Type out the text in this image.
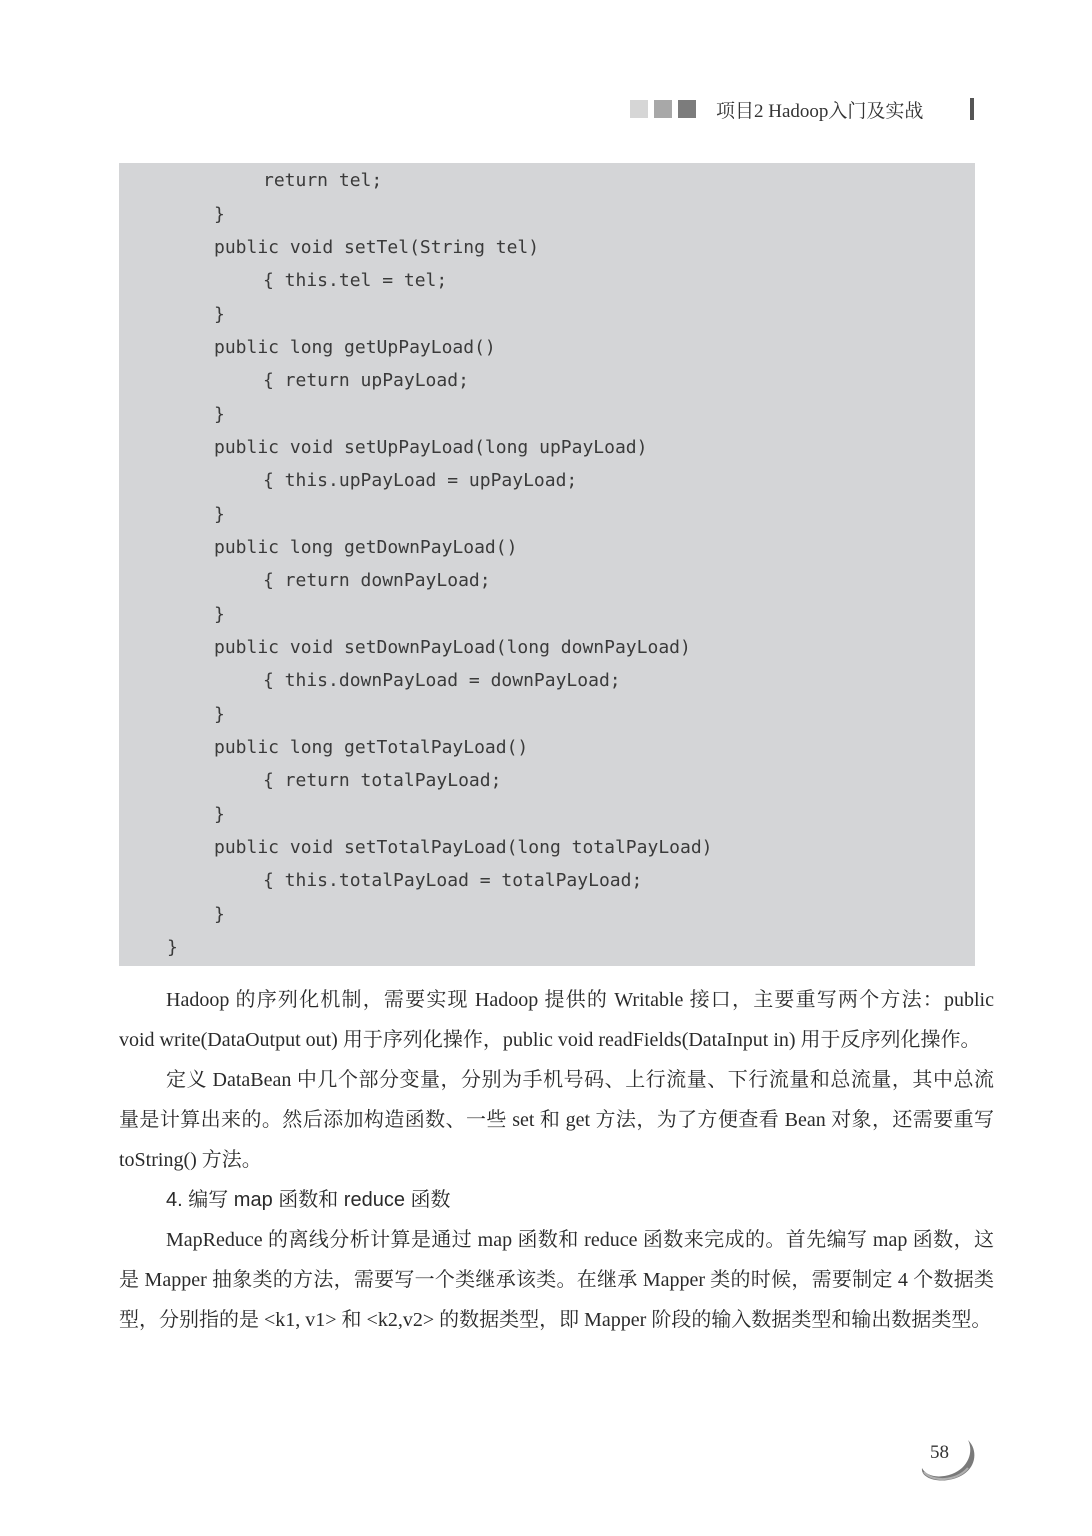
项目2 Hadoop入门及实战
return tel;
}
public void setTel(String tel)
{ this.tel = tel;
}
public long getUpPayLoad()
{ return upPayLoad;
}
public void setUpPayLoad(long upPayLoad)
{ this.upPayLoad = upPayLoad;
}
public long getDownPayLoad()
{ return downPayLoad;
}
public void setDownPayLoad(long downPayLoad)
{ this.downPayLoad = downPayLoad;
}
public long getTotalPayLoad()
{ return totalPayLoad;
}
public void setTotalPayLoad(long totalPayLoad)
{ this.totalPayLoad = totalPayLoad;
}
}

Hadoop 的序列化机制，需要实现 Hadoop 提供的 Writable 接口，主要重写两个方法：public void write(DataOutput out) 用于序列化操作，public void readFields(DataInput in) 用于反序列化操作。

定义 DataBean 中几个部分变量，分别为手机号码、上行流量、下行流量和总流量，其中总流量是计算出来的。然后添加构造函数、一些 set 和 get 方法，为了方便查看 Bean 对象，还需要重写 toString() 方法。

4. 编写 map 函数和 reduce 函数

MapReduce 的离线分析计算是通过 map 函数和 reduce 函数来完成的。首先编写 map 函数，这是 Mapper 抽象类的方法，需要写一个类继承该类。在继承 Mapper 类的时候，需要制定 4 个数据类型，分别指的是 <k1, v1> 和 <k2,v2> 的数据类型，即 Mapper 阶段的输入数据类型和输出数据类型。

58
